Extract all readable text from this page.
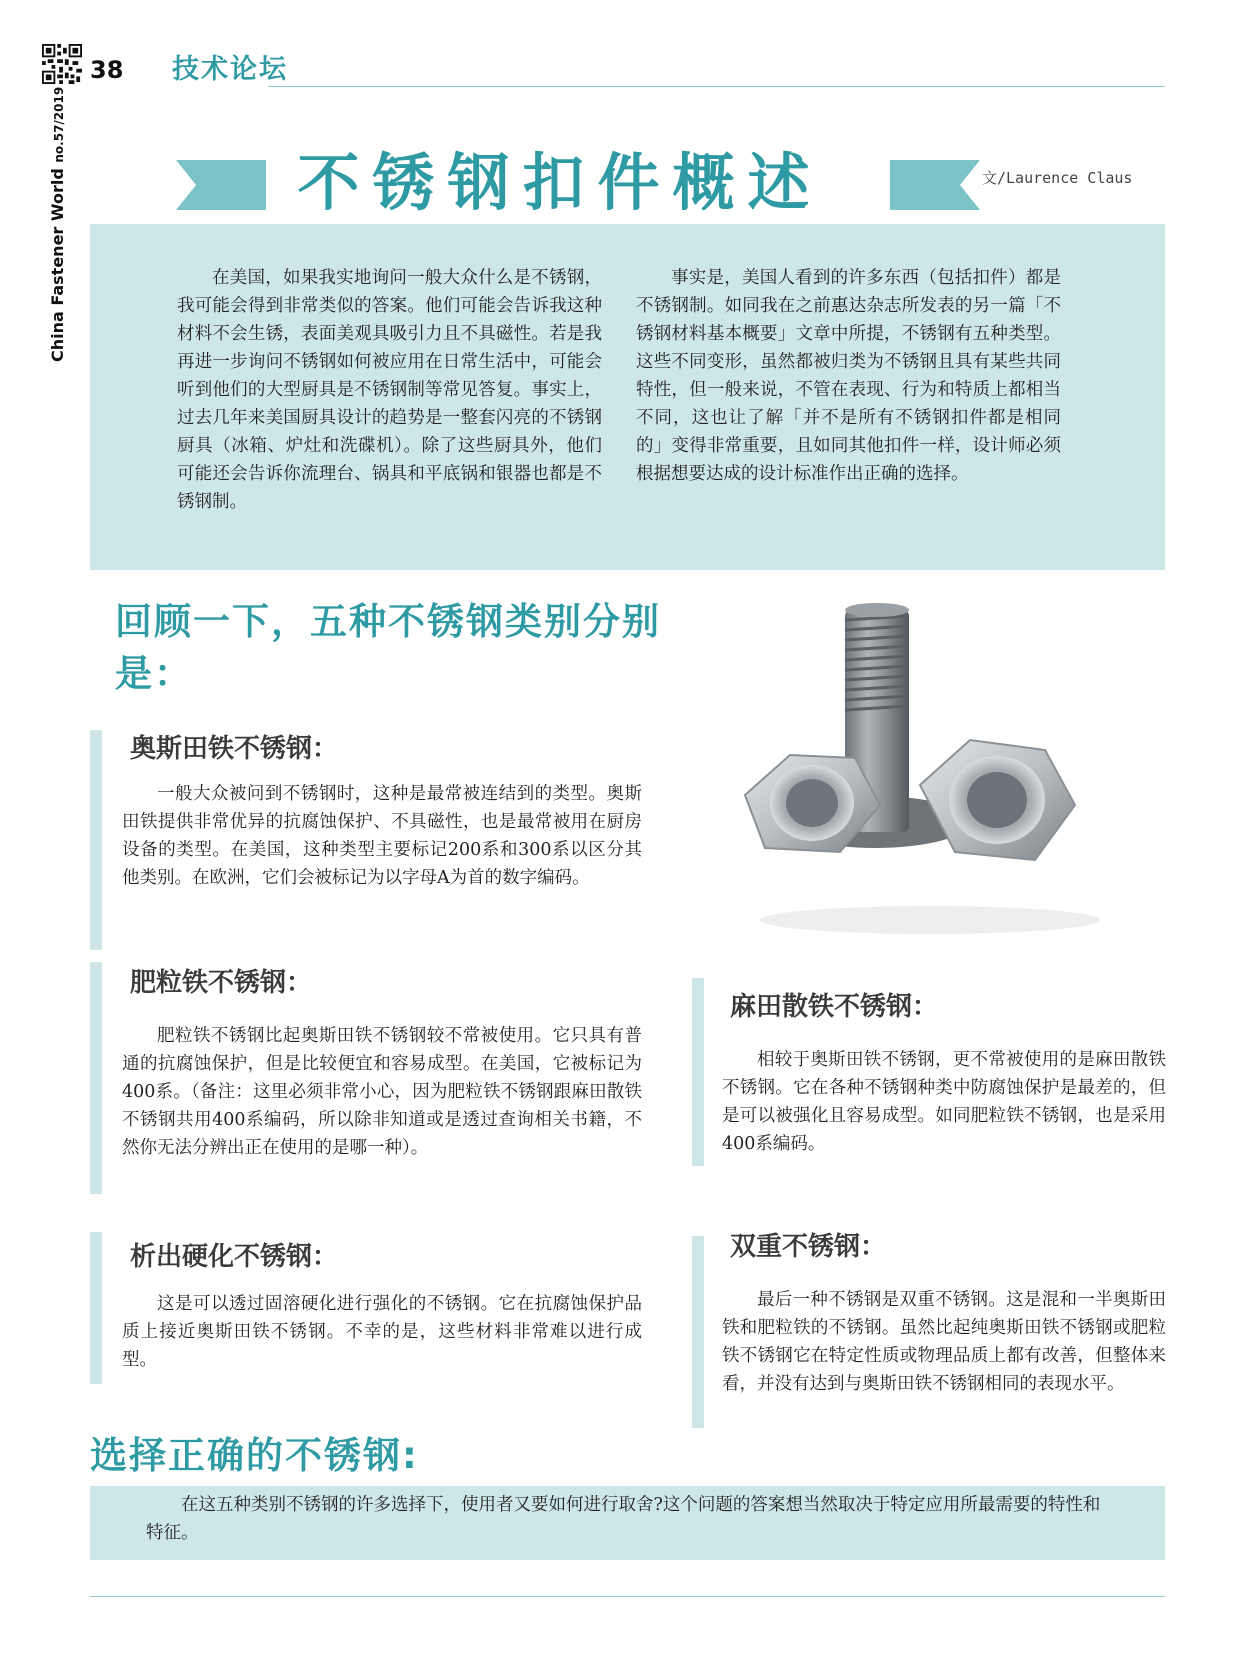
38 技术论坛
China Fastener World no.57/2019
不锈钢扣件概述	文/Laurence Claus

在美国，如果我实地询问一般大众什么是不锈钢，我可能会得到非常类似的答案。他们可能会告诉我这种材料不会生锈，表面美观具吸引力且不具磁性。若是我再进一步询问不锈钢如何被应用在日常生活中，可能会听到他们的大型厨具是不锈钢制等常见答复。事实上，过去几年来美国厨具设计的趋势是一整套闪亮的不锈钢厨具（冰箱、炉灶和洗碟机）。除了这些厨具外，他们可能还会告诉你流理台、锅具和平底锅和银器也都是不锈钢制。

事实是，美国人看到的许多东西（包括扣件）都是不锈钢制。如同我在之前惠达杂志所发表的另一篇「不锈钢材料基本概要」文章中所提，不锈钢有五种类型。这些不同变形，虽然都被归类为不锈钢且具有某些共同特性，但一般来说，不管在表现、行为和特质上都相当不同，这也让了解「并不是所有不锈钢扣件都是相同的」变得非常重要，且如同其他扣件一样，设计师必须根据想要达成的设计标准作出正确的选择。

回顾一下，五种不锈钢类别分别是：
奥斯田铁不锈钢：

一般大众被问到不锈钢时，这种是最常被连结到的类型。奥斯田铁提供非常优异的抗腐蚀保护、不具磁性，也是最常被用在厨房设备的类型。在美国，这种类型主要标记200系和300系以区分其他类别。在欧洲，它们会被标记为以字母A为首的数字编码。

肥粒铁不锈钢：

肥粒铁不锈钢比起奥斯田铁不锈钢较不常被使用。它只具有普通的抗腐蚀保护，但是比较便宜和容易成型。在美国，它被标记为400系。（备注：这里必须非常小心，因为肥粒铁不锈钢跟麻田散铁不锈钢共用400系编码，所以除非知道或是透过查询相关书籍，不然你无法分辨出正在使用的是哪一种）。

析出硬化不锈钢：

这是可以透过固溶硬化进行强化的不锈钢。它在抗腐蚀保护品质上接近奥斯田铁不锈钢。不幸的是，这些材料非常难以进行成型。

麻田散铁不锈钢：

相较于奥斯田铁不锈钢，更不常被使用的是麻田散铁不锈钢。它在各种不锈钢种类中防腐蚀保护是最差的，但是可以被强化且容易成型。如同肥粒铁不锈钢，也是采用400系编码。

双重不锈钢：

最后一种不锈钢是双重不锈钢。这是混和一半奥斯田铁和肥粒铁的不锈钢。虽然比起纯奥斯田铁不锈钢或肥粒铁不锈钢它在特定性质或物理品质上都有改善，但整体来看，并没有达到与奥斯田铁不锈钢相同的表现水平。

选择正确的不锈钢:

在这五种类别不锈钢的许多选择下，使用者又要如何进行取舍?这个问题的答案想当然取决于特定应用所最需要的特性和特征。
